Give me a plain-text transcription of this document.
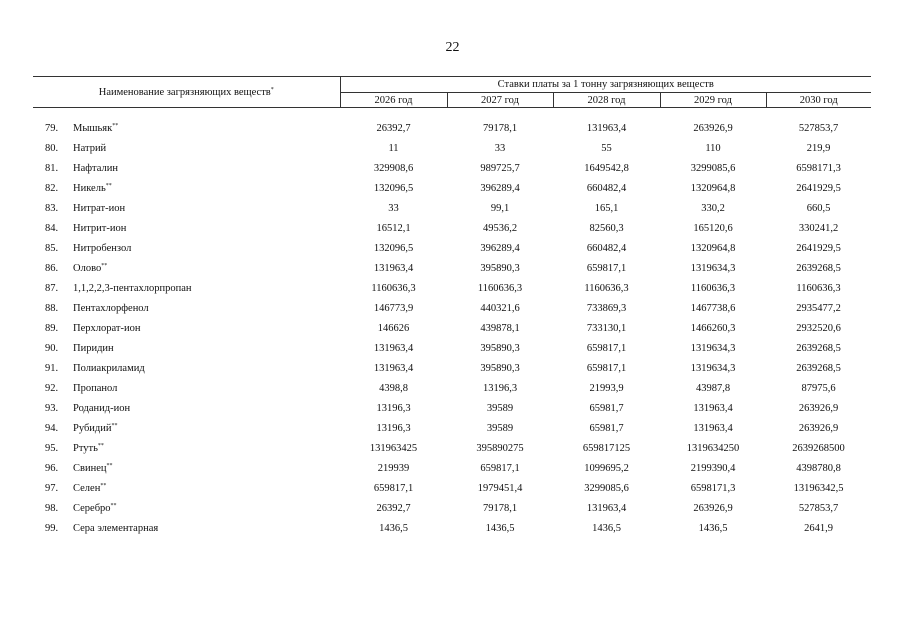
22
Наименование загрязняющих веществ*		Ставки платы за 1 тонну загрязняющих веществ				
		2026 год	2027 год	2028 год	2029 год	2030 год

79.	Мышьяк**	26392,7	79178,1	131963,4	263926,9	527853,7
80.	Натрий	11	33	55	110	219,9
81.	Нафталин	329908,6	989725,7	1649542,8	3299085,6	6598171,3
82.	Никель**	132096,5	396289,4	660482,4	1320964,8	2641929,5
83.	Нитрат-ион	33	99,1	165,1	330,2	660,5
84.	Нитрит-ион	16512,1	49536,2	82560,3	165120,6	330241,2
85.	Нитробензол	132096,5	396289,4	660482,4	1320964,8	2641929,5
86.	Олово**	131963,4	395890,3	659817,1	1319634,3	2639268,5
87.	1,1,2,2,3-пентахлорпропан	1160636,3	1160636,3	1160636,3	1160636,3	1160636,3
88.	Пентахлорфенол	146773,9	440321,6	733869,3	1467738,6	2935477,2
89.	Перхлорат-ион	146626	439878,1	733130,1	1466260,3	2932520,6
90.	Пиридин	131963,4	395890,3	659817,1	1319634,3	2639268,5
91.	Полиакриламид	131963,4	395890,3	659817,1	1319634,3	2639268,5
92.	Пропанол	4398,8	13196,3	21993,9	43987,8	87975,6
93.	Роданид-ион	13196,3	39589	65981,7	131963,4	263926,9
94.	Рубидий**	13196,3	39589	65981,7	131963,4	263926,9
95.	Ртуть**	131963425	395890275	659817125	1319634250	2639268500
96.	Свинец**	219939	659817,1	1099695,2	2199390,4	4398780,8
97.	Селен**	659817,1	1979451,4	3299085,6	6598171,3	13196342,5
98.	Серебро**	26392,7	79178,1	131963,4	263926,9	527853,7
99.	Сера элементарная	1436,5	1436,5	1436,5	1436,5	2641,9
